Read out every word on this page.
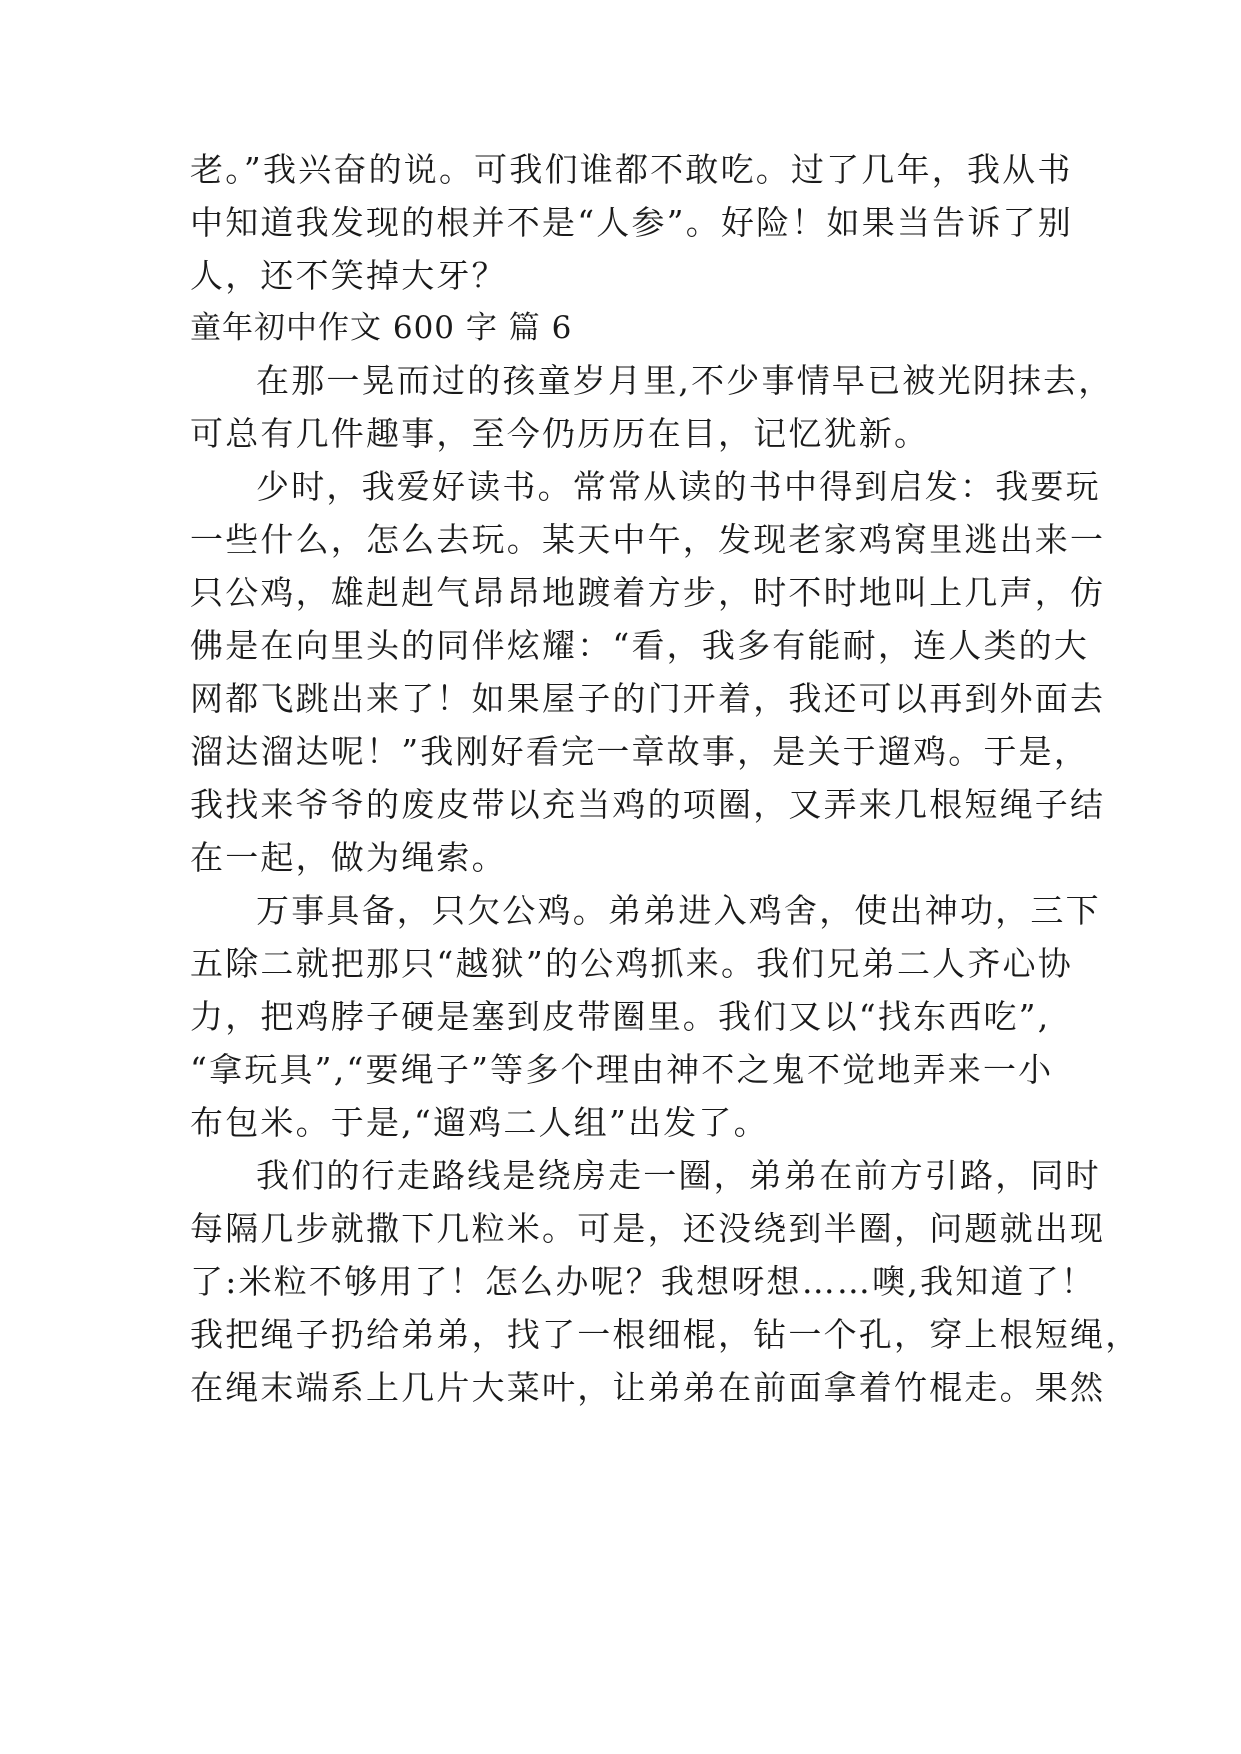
老。”我兴奋的说。可我们谁都不敢吃。过了几年，我从书
中知道我发现的根并不是“人参”。好险！如果当告诉了别
人，还不笑掉大牙？
童年初中作文 600 字 篇 6
在那一晃而过的孩童岁月里,不少事情早已被光阴抹去，
可总有几件趣事，至今仍历历在目，记忆犹新。
少时，我爱好读书。常常从读的书中得到启发：我要玩
一些什么，怎么去玩。某天中午，发现老家鸡窝里逃出来一
只公鸡，雄赳赳气昂昂地踱着方步，时不时地叫上几声，仿
佛是在向里头的同伴炫耀：“看，我多有能耐，连人类的大
网都飞跳出来了！如果屋子的门开着，我还可以再到外面去
溜达溜达呢！”我刚好看完一章故事，是关于遛鸡。于是，
我找来爷爷的废皮带以充当鸡的项圈，又弄来几根短绳子结
在一起，做为绳索。
万事具备，只欠公鸡。弟弟进入鸡舍，使出神功，三下
五除二就把那只“越狱”的公鸡抓来。我们兄弟二人齐心协
力，把鸡脖子硬是塞到皮带圈里。我们又以“找东西吃”,
“拿玩具”,“要绳子”等多个理由神不之鬼不觉地弄来一小
布包米。于是,“遛鸡二人组”出发了。
我们的行走路线是绕房走一圈，弟弟在前方引路，同时
每隔几步就撒下几粒米。可是，还没绕到半圈，问题就出现
了:米粒不够用了！怎么办呢？我想呀想……噢,我知道了！
我把绳子扔给弟弟，找了一根细棍，钻一个孔，穿上根短绳，
在绳末端系上几片大菜叶，让弟弟在前面拿着竹棍走。果然
